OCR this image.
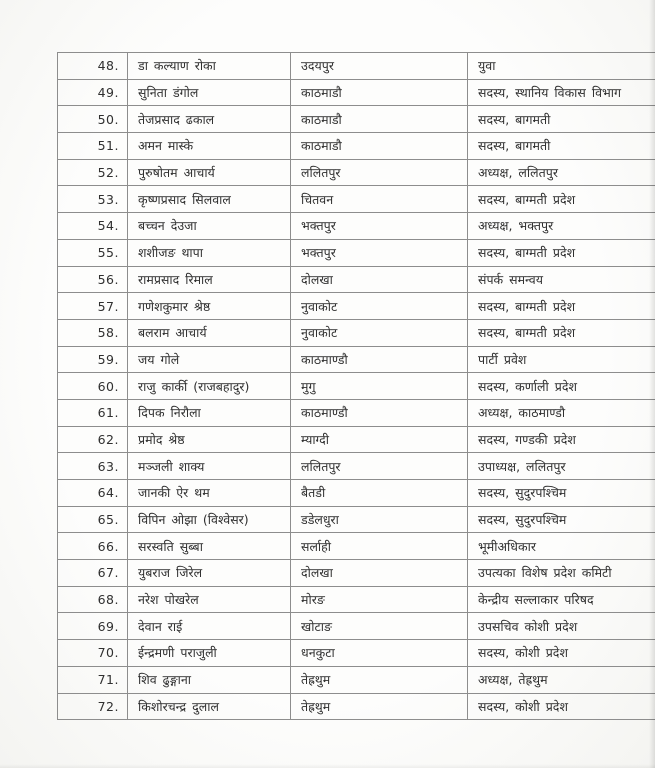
48.	डा कल्याण रोका	उदयपुर	युवा
49.	सुनिता डंगोल	काठमाडौ	सदस्य, स्थानिय विकास विभाग
50.	तेजप्रसाद ढकाल	काठमाडौ	सदस्य, बागमती
51.	अमन मास्के	काठमाडौ	सदस्य, बागमती
52.	पुरुषोतम आचार्य	ललितपुर	अध्यक्ष, ललितपुर
53.	कृष्णप्रसाद सिलवाल	चितवन	सदस्य, बाग्मती प्रदेश
54.	बच्चन देउजा	भक्तपुर	अध्यक्ष, भक्तपुर
55.	शशीजङ थापा	भक्तपुर	सदस्य, बाग्मती प्रदेश
56.	रामप्रसाद रिमाल	दोलखा	संपर्क समन्वय
57.	गणेशकुमार श्रेष्ठ	नुवाकोट	सदस्य, बाग्मती प्रदेश
58.	बलराम आचार्य	नुवाकोट	सदस्य, बाग्मती प्रदेश
59.	जय गोले	काठमाण्डौ	पार्टी प्रवेश
60.	राजु कार्की (राजबहादुर)	मुगु	सदस्य, कर्णाली प्रदेश
61.	दिपक निरौला	काठमाण्डौ	अध्यक्ष, काठमाण्डौ
62.	प्रमोद श्रेष्ठ	म्याग्दी	सदस्य, गण्डकी प्रदेश
63.	मञ्जली शाक्य	ललितपुर	उपाध्यक्ष, ललितपुर
64.	जानकी ऐर थम	बैतडी	सदस्य, सुदुरपश्चिम
65.	विपिन ओझा (विश्वेसर)	डडेलधुरा	सदस्य, सुदुरपश्चिम
66.	सरस्वति सुब्बा	सर्लाही	भूमीअधिकार
67.	युबराज जिरेल	दोलखा	उपत्यका विशेष प्रदेश कमिटी
68.	नरेश पोखरेल	मोरङ	केन्द्रीय सल्लाकार परिषद
69.	देवान राई	खोटाङ	उपसचिव कोशी प्रदेश
70.	ईन्द्रमणी पराजुली	धनकुटा	सदस्य, कोशी प्रदेश
71.	शिव ढुङ्गाना	तेह्रथुम	अध्यक्ष, तेह्रथुम
72.	किशोरचन्द्र दुलाल	तेह्रथुम	सदस्य, कोशी प्रदेश
